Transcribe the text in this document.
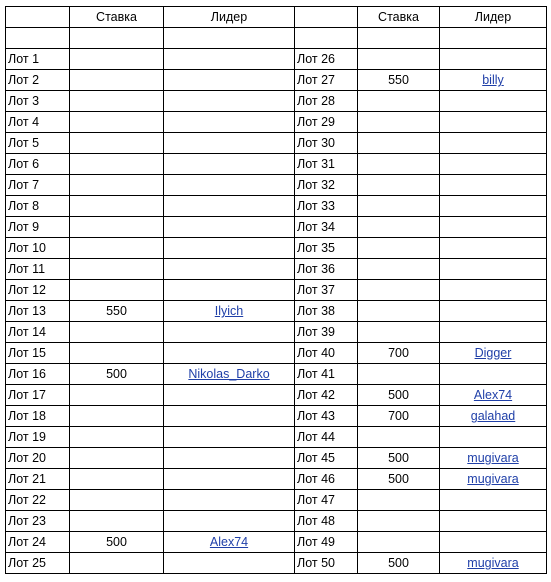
	Ставка	Лидер		Ставка	Лидер

Лот 1			Лот 26		
Лот 2			Лот 27	550	billy
Лот 3			Лот 28		
Лот 4			Лот 29		
Лот 5			Лот 30		
Лот 6			Лот 31		
Лот 7			Лот 32		
Лот 8			Лот 33		
Лот 9			Лот 34		
Лот 10			Лот 35		
Лот 11			Лот 36		
Лот 12			Лот 37		
Лот 13	550	Ilyich	Лот 38		
Лот 14			Лот 39		
Лот 15			Лот 40	700	Digger
Лот 16	500	Nikolas_Darko	Лот 41		
Лот 17			Лот 42	500	Alex74
Лот 18			Лот 43	700	galahad
Лот 19			Лот 44		
Лот 20			Лот 45	500	mugivara
Лот 21			Лот 46	500	mugivara
Лот 22			Лот 47		
Лот 23			Лот 48		
Лот 24	500	Alex74	Лот 49		
Лот 25			Лот 50	500	mugivara
